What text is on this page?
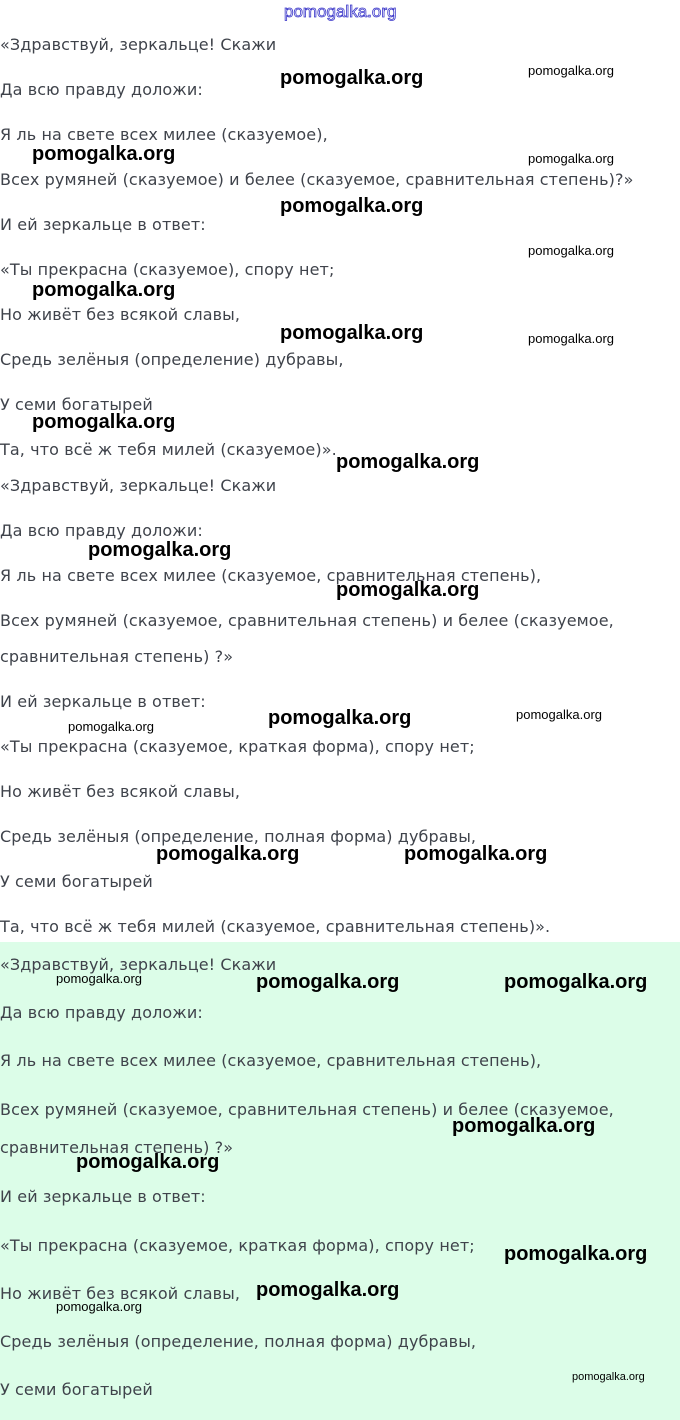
pomogalka.org
«Здравствуй, зеркальце! Скажи
Да всю правду доложи:
Я ль на свете всех милее (сказуемое),
Всех румяней (сказуемое) и белее (сказуемое, сравнительная степень)?»
И ей зеркальце в ответ:
«Ты прекрасна (сказуемое), спору нет;
Но живёт без всякой славы,
Средь зелёныя (определение) дубравы,
У семи богатырей
Та, что всё ж тебя милей (сказуемое)».
«Здравствуй, зеркальце! Скажи
Да всю правду доложи:
Я ль на свете всех милее (сказуемое, сравнительная степень),
Всех румяней (сказуемое, сравнительная степень) и белее (сказуемое,
сравнительная степень) ?»
И ей зеркальце в ответ:
«Ты прекрасна (сказуемое, краткая форма), спору нет;
Но живёт без всякой славы,
Средь зелёныя (определение, полная форма) дубравы,
У семи богатырей
Та, что всё ж тебя милей (сказуемое, сравнительная степень)».
«Здравствуй, зеркальце! Скажи
Да всю правду доложи:
Я ль на свете всех милее (сказуемое, сравнительная степень),
Всех румяней (сказуемое, сравнительная степень) и белее (сказуемое,
сравнительная степень) ?»
И ей зеркальце в ответ:
«Ты прекрасна (сказуемое, краткая форма), спору нет;
Но живёт без всякой славы,
Средь зелёныя (определение, полная форма) дубравы,
У семи богатырей
pomogalka.org	pomogalka.org
pomogalka.org	pomogalka.org
pomogalka.org
pomogalka.org
pomogalka.org
pomogalka.org	pomogalka.org
pomogalka.org
pomogalka.org
pomogalka.org
pomogalka.org
pomogalka.org	pomogalka.org
pomogalka.org
pomogalka.org	pomogalka.org
pomogalka.org	pomogalka.org	pomogalka.org
pomogalka.org
pomogalka.org
pomogalka.org
pomogalka.org
pomogalka.org
pomogalka.org
